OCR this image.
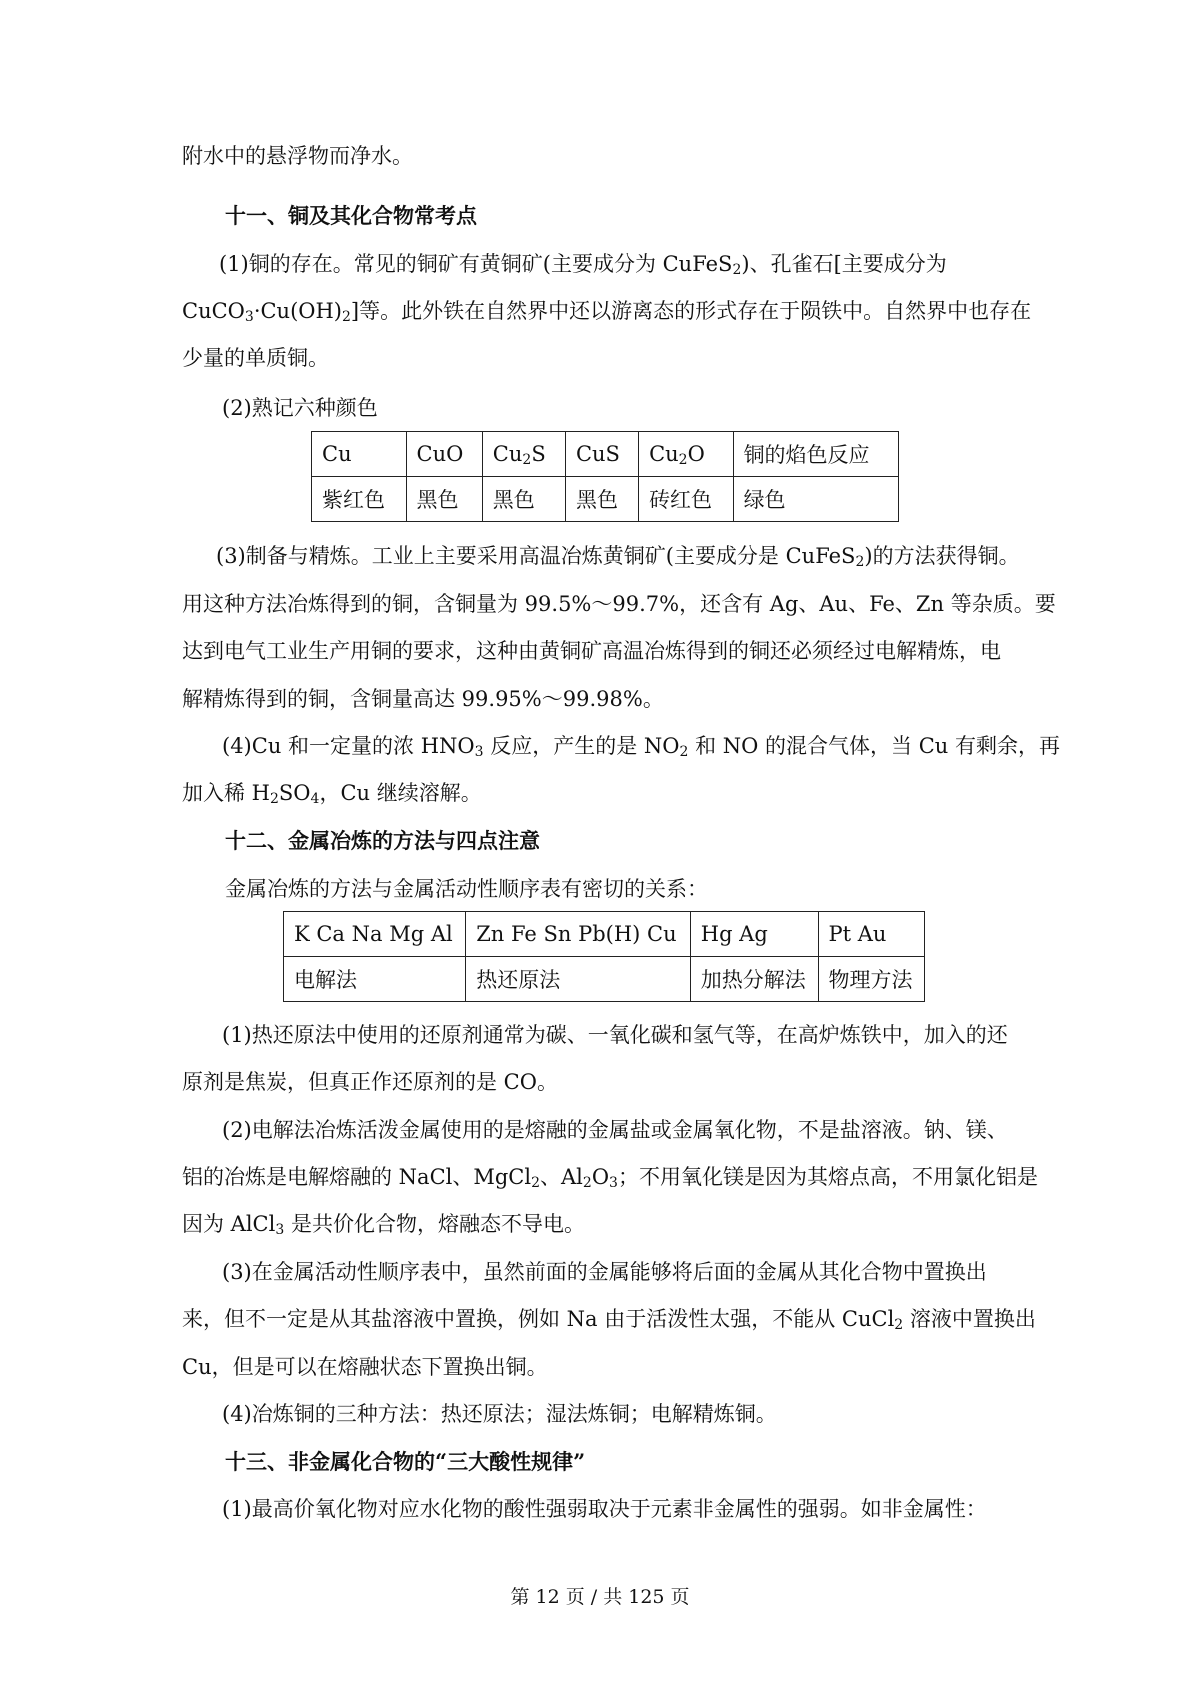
附水中的悬浮物而净水。
十一、铜及其化合物常考点
(1)铜的存在。常见的铜矿有黄铜矿(主要成分为 CuFeS$_2$)、孔雀石[主要成分为
$CuCO_3\cdot Cu(OH)_2$]等。此外铁在自然界中还以游离态的形式存在于陨铁中。自然界中也存在
少量的单质铜。
(2)熟记六种颜色
Cu	CuO	$Cu_2S$	CuS	$Cu_2O$	铜的焰色反应
紫红色	黑色	黑色	黑色	砖红色	绿色
(3)制备与精炼。工业上主要采用高温冶炼黄铜矿(主要成分是 CuFeS$_2$)的方法获得铜。
用这种方法冶炼得到的铜，含铜量为 99.5%～99.7%，还含有 Ag、Au、Fe、Zn 等杂质。要
达到电气工业生产用铜的要求，这种由黄铜矿高温冶炼得到的铜还必须经过电解精炼，电
解精炼得到的铜，含铜量高达 99.95%～99.98%。
(4)Cu 和一定量的浓 $HNO_3$ 反应，产生的是 $NO_2$ 和 NO 的混合气体，当 Cu 有剩余，再
加入稀 $H_2SO_4$，Cu 继续溶解。
十二、金属冶炼的方法与四点注意
金属冶炼的方法与金属活动性顺序表有密切的关系：
K Ca Na Mg Al	Zn Fe Sn Pb(H) Cu	Hg Ag	Pt Au
电解法	热还原法	加热分解法	物理方法
(1)热还原法中使用的还原剂通常为碳、一氧化碳和氢气等，在高炉炼铁中，加入的还
原剂是焦炭，但真正作还原剂的是 CO。
(2)电解法冶炼活泼金属使用的是熔融的金属盐或金属氧化物，不是盐溶液。钠、镁、
铝的冶炼是电解熔融的 NaCl、MgCl$_2$、$Al_2O_3$；不用氧化镁是因为其熔点高，不用氯化铝是
因为 AlCl$_3$ 是共价化合物，熔融态不导电。
(3)在金属活动性顺序表中，虽然前面的金属能够将后面的金属从其化合物中置换出
来，但不一定是从其盐溶液中置换，例如 Na 由于活泼性太强，不能从 CuCl$_2$ 溶液中置换出
Cu，但是可以在熔融状态下置换出铜。
(4)冶炼铜的三种方法：热还原法；湿法炼铜；电解精炼铜。
十三、非金属化合物的“三大酸性规律”
(1)最高价氧化物对应水化物的酸性强弱取决于元素非金属性的强弱。如非金属性：
第 12 页 / 共 125 页
